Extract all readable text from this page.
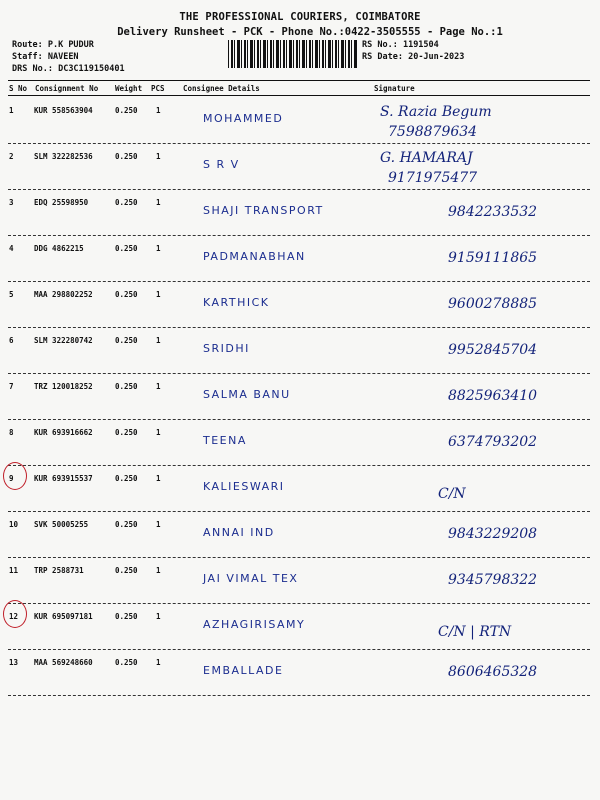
THE PROFESSIONAL COURIERS, COIMBATORE
Delivery Runsheet - PCK - Phone No.:0422-3505555 - Page No.:1
Route: P.K PUDUR
Staff: NAVEEN
DRS No.: DC3C119150401
RS No.: 1191504
RS Date: 20-Jun-2023
S No Consignment No Weight PCS Consignee Details	Signature
1	KUR 558563904	0.250 1
MOHAMMED	S. Razia Begum
7598879634
2	SLM 322282536	0.250 1
S R V	G. HAMARAJ
9171975477
3	EDQ 25598950	0.250 1
SHAJI TRANSPORT	9842233532
4	DDG 4862215	0.250 1
PADMANABHAN	9159111865
5	MAA 298802252	0.250 1
KARTHICK	9600278885
6	SLM 322280742	0.250 1
SRIDHI	9952845704
7	TRZ 120018252	0.250 1
SALMA BANU	8825963410
8	KUR 693916662	0.250 1
TEENA	6374793202
9	KUR 693915537	0.250 1
KALIESWARI	C/N
10 SVK 50005255	0.250 1
ANNAI IND	9843229208
11 TRP 2588731	0.250 1
JAI VIMAL TEX	9345798322
12 KUR 695097181	0.250 1
AZHAGIRISAMY	C/N | RTN
13 MAA 569248660	0.250 1
EMBALLADE	8606465328
